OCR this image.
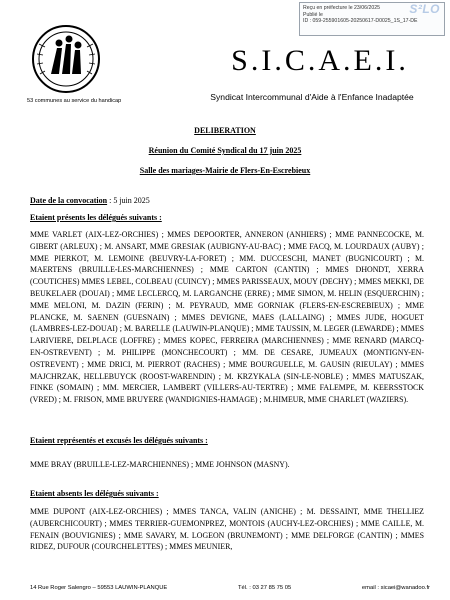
Reçu en préfecture le 23/06/2025
Publié le
ID : 059-255901605-20250617-D0025_1S_17-DE
S²LO
53 communes au service du handicap
S.I.C.A.E.I.
Syndicat Intercommunal d'Aide à l'Enfance Inadaptée
DELIBERATION
Réunion du Comité Syndical du 17 juin 2025
Salle des mariages-Mairie de Flers-En-Escrebieux
Date de la convocation : 5 juin 2025
Etaient présents les délégués suivants :
MME VARLET (AIX-LEZ-ORCHIES) ; MMES DEPOORTER, ANNERON (ANHIERS) ; MME PANNECOCKE, M. GIBERT (ARLEUX) ; M. ANSART, MME GRESIAK (AUBIGNY-AU-BAC) ; MME FACQ, M. LOURDAUX (AUBY) ; MME PIERKOT, M. LEMOINE (BEUVRY-LA-FORET) ; MM. DUCCESCHI, MANET (BUGNICOURT) ; M. MAERTENS (BRUILLE-LES-MARCHIENNES) ; MME CARTON (CANTIN) ; MMES DHONDT, XERRA (COUTICHES) MMES LEBEL, COLBEAU (CUINCY) ; MMES PARISSEAUX, MOUY (DECHY) ; MMES MEKKI, DE BEUKELAER (DOUAI) ; MME LECLERCQ, M. LARGANCHE (ERRE) ; MME SIMON, M. HELIN (ESQUERCHIN) ; MME MELONI, M. DAZIN (FERIN) ; M. PEYRAUD, MME GORNIAK (FLERS-EN-ESCREBIEUX) ; MME PLANCKE, M. SAENEN (GUESNAIN) ; MMES DEVIGNE, MAES (LALLAING) ; MMES JUDE, HOGUET (LAMBRES-LEZ-DOUAI) ; M. BARELLE (LAUWIN-PLANQUE) ; MME TAUSSIN, M. LEGER (LEWARDE) ; MMES LARIVIERE, DELPLACE (LOFFRE) ; MMES KOPEC, FERREIRA (MARCHIENNES) ; MME RENARD (MARCQ-EN-OSTREVENT) ; M. PHILIPPE (MONCHECOURT) ; MM. DE CESARE, JUMEAUX (MONTIGNY-EN-OSTREVENT) ; MME DRICI, M. PIERROT (RACHES) ; MME BOURGUELLE, M. GAUSIN (RIEULAY) ; MMES MAJCHRZAK, HELLEBUYCK (ROOST-WARENDIN) ; M. KRZYKALA (SIN-LE-NOBLE) ; MMES MATUSZAK, FINKE (SOMAIN) ; MM. MERCIER, LAMBERT (VILLERS-AU-TERTRE) ; MME FALEMPE, M. KEERSSTOCK (VRED) ; M. FRISON, MME BRUYERE (WANDIGNIES-HAMAGE) ; M.HIMEUR, MME CHARLET (WAZIERS).
Etaient représentés et excusés les délégués suivants :
MME BRAY (BRUILLE-LEZ-MARCHIENNES) ; MME JOHNSON (MASNY).
Etaient absents les délégués suivants :
MME DUPONT (AIX-LEZ-ORCHIES) ; MMES TANCA, VALIN (ANICHE) ; M. DESSAINT, MME THELLIEZ (AUBERCHICOURT) ; MMES TERRIER-GUEMONPREZ, MONTOIS (AUCHY-LEZ-ORCHIES) ; MME CAILLE, M. FENAIN (BOUVIGNIES) ; MME SAVARY, M. LOGEON (BRUNEMONT) ; MME DELFORGE (CANTIN) ; MMES RIDEZ, DUFOUR (COURCHELETTES) ; MMES MEUNIER,
14 Rue Roger Salengro – 59553 LAUWIN-PLANQUE	Tél. : 03 27 85 75 05	email : sicaei@wanadoo.fr
